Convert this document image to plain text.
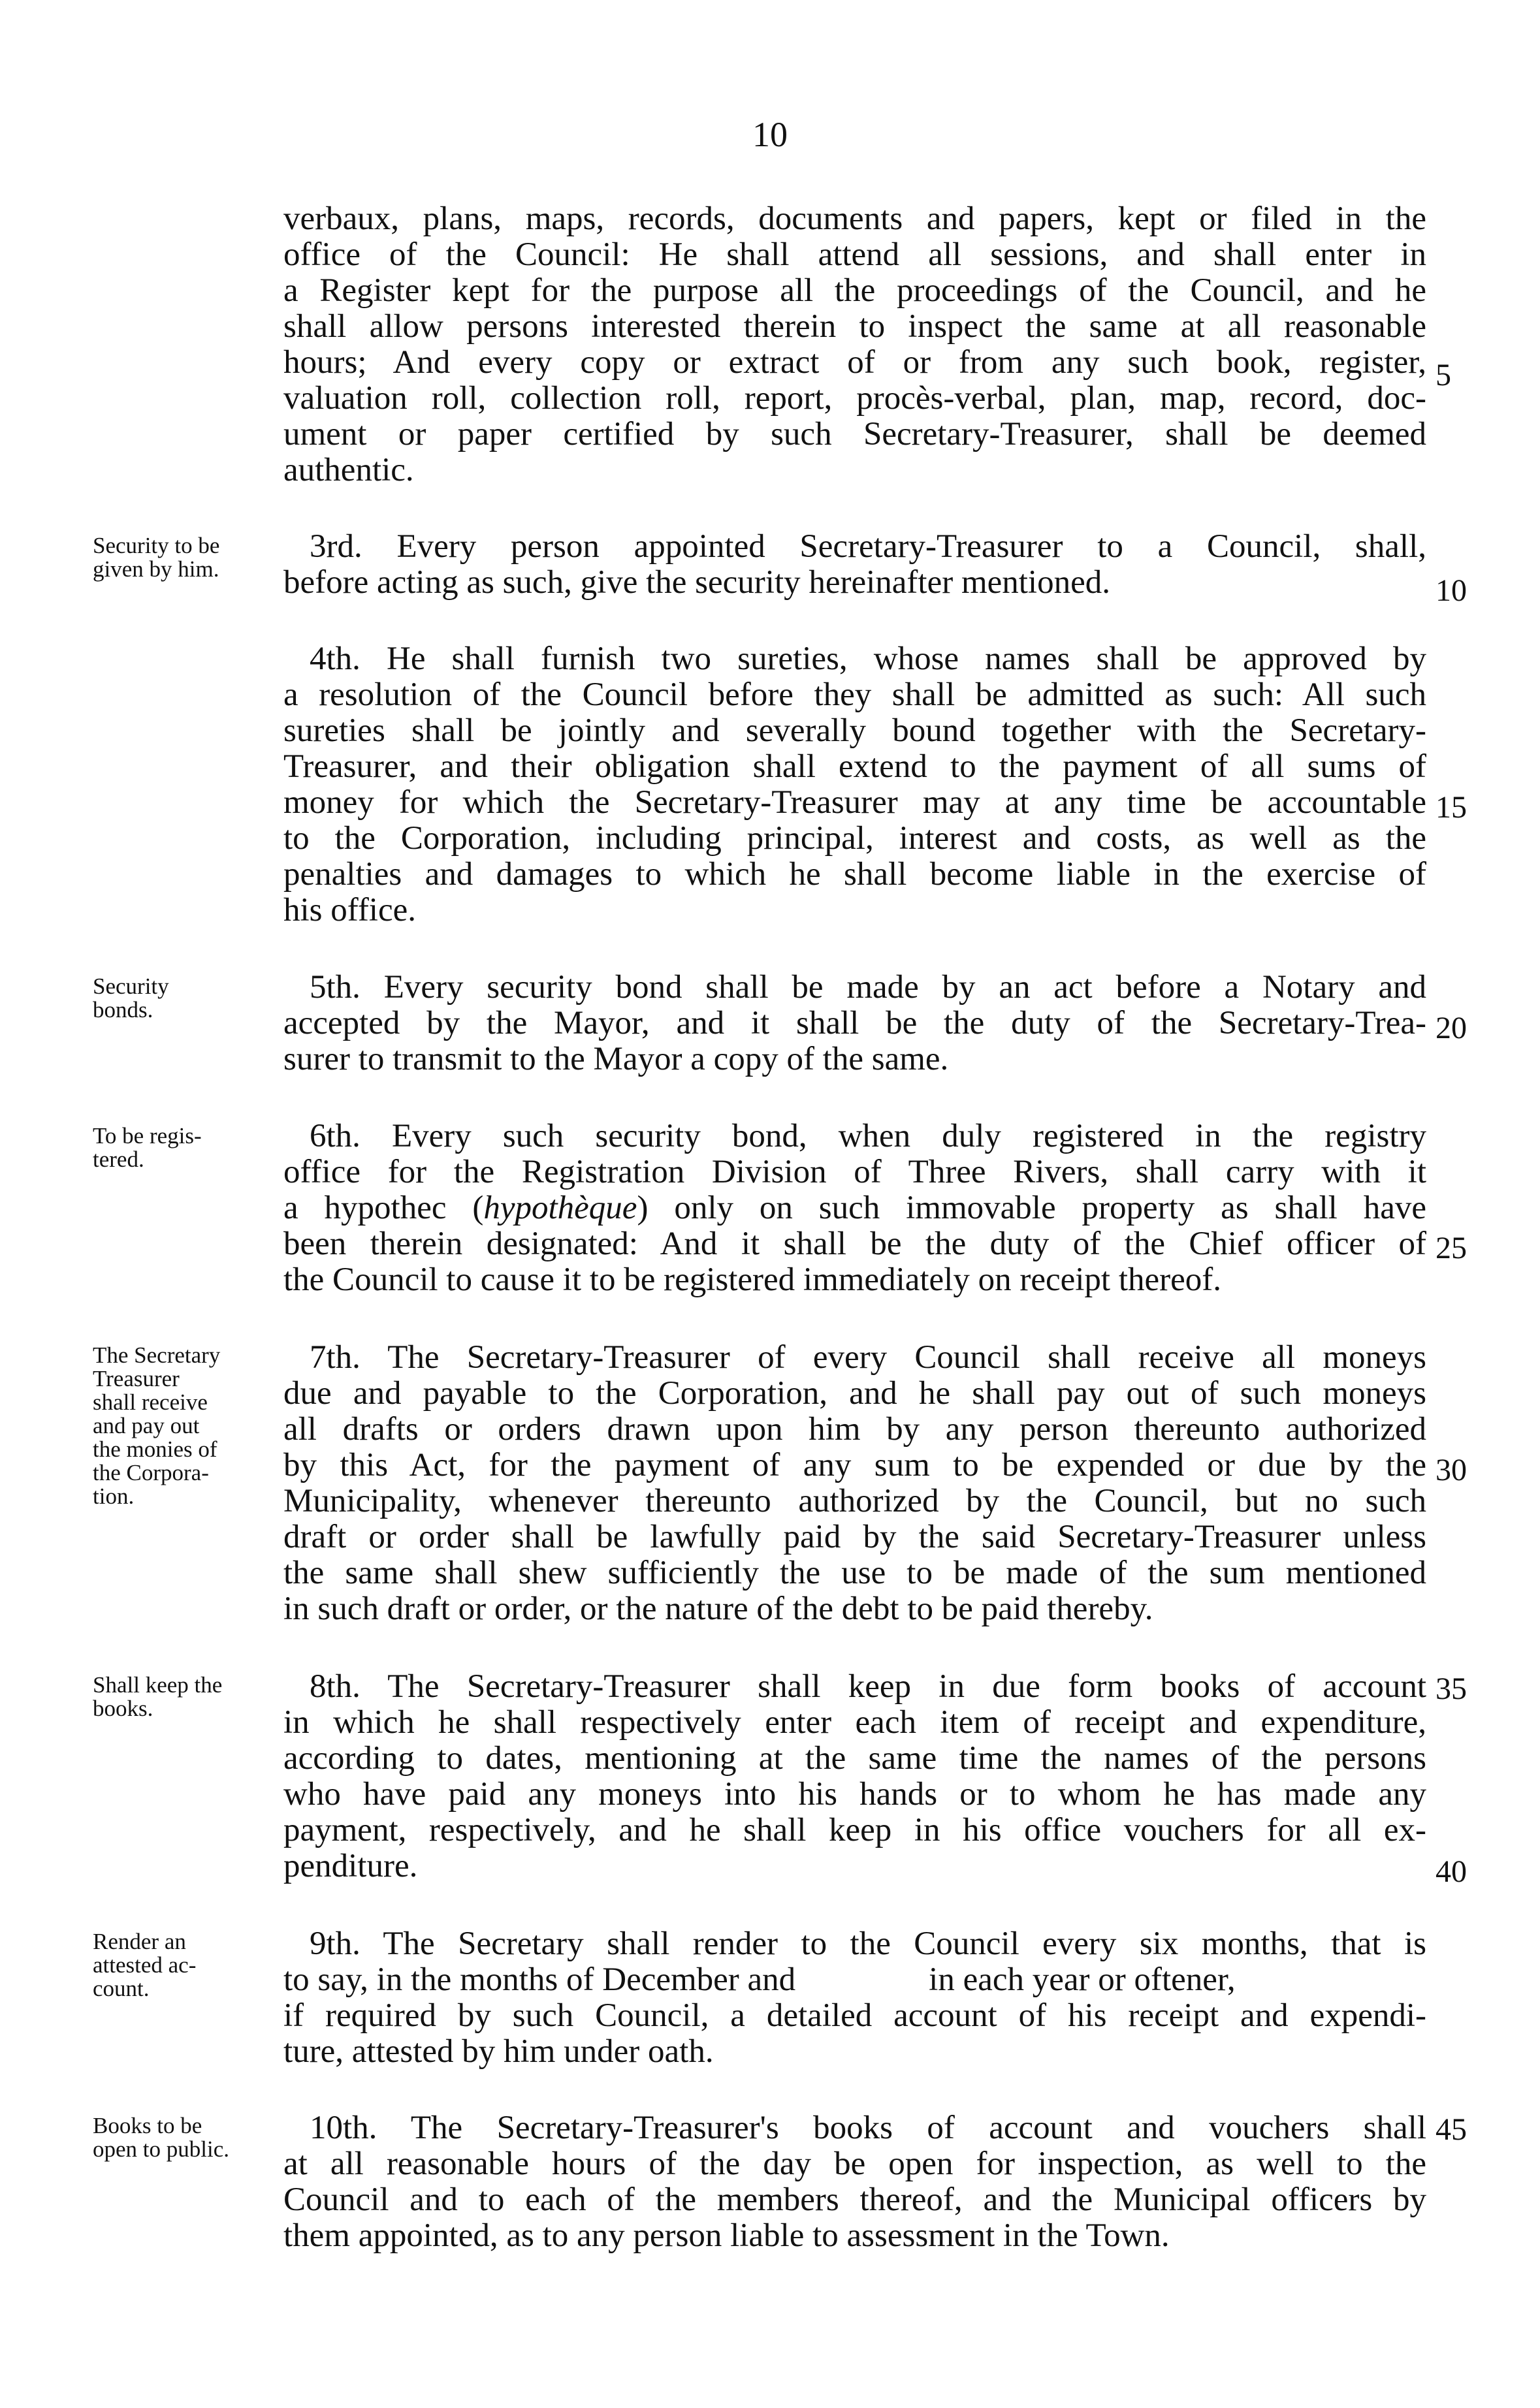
10
verbaux, plans, maps, records, documents and papers, kept or filed in the
office of the Council: He shall attend all sessions, and shall enter in
a Register kept for the purpose all the proceedings of the Council, and he
shall allow persons interested therein to inspect the same at all reasonable
hours; And every copy or extract of or from any such book, register,
valuation roll, collection roll, report, procès-verbal, plan, map, record, doc-
ument or paper certified by such Secretary-Treasurer, shall be deemed
authentic.
3rd. Every person appointed Secretary-Treasurer to a Council, shall,
before acting as such, give the security hereinafter mentioned.
4th. He shall furnish two sureties, whose names shall be approved by
a resolution of the Council before they shall be admitted as such: All such
sureties shall be jointly and severally bound together with the Secretary-
Treasurer, and their obligation shall extend to the payment of all sums of
money for which the Secretary-Treasurer may at any time be accountable
to the Corporation, including principal, interest and costs, as well as the
penalties and damages to which he shall become liable in the exercise of
his office.
5th. Every security bond shall be made by an act before a Notary and
accepted by the Mayor, and it shall be the duty of the Secretary-Trea-
surer to transmit to the Mayor a copy of the same.
6th. Every such security bond, when duly registered in the registry
office for the Registration Division of Three Rivers, shall carry with it
a hypothec (hypothèque) only on such immovable property as shall have
been therein designated: And it shall be the duty of the Chief officer of
the Council to cause it to be registered immediately on receipt thereof.
7th. The Secretary-Treasurer of every Council shall receive all moneys
due and payable to the Corporation, and he shall pay out of such moneys
all drafts or orders drawn upon him by any person thereunto authorized
by this Act, for the payment of any sum to be expended or due by the
Municipality, whenever thereunto authorized by the Council, but no such
draft or order shall be lawfully paid by the said Secretary-Treasurer unless
the same shall shew sufficiently the use to be made of the sum mentioned
in such draft or order, or the nature of the debt to be paid thereby.
8th. The Secretary-Treasurer shall keep in due form books of account
in which he shall respectively enter each item of receipt and expenditure,
according to dates, mentioning at the same time the names of the persons
who have paid any moneys into his hands or to whom he has made any
payment, respectively, and he shall keep in his office vouchers for all ex-
penditure.
9th. The Secretary shall render to the Council every six months, that is
to say, in the months of December and                in each year or oftener,
if required by such Council, a detailed account of his receipt and expendi-
ture, attested by him under oath.
10th. The Secretary-Treasurer's books of account and vouchers shall
at all reasonable hours of the day be open for inspection, as well to the
Council and to each of the members thereof, and the Municipal officers by
them appointed, as to any person liable to assessment in the Town.
Security to be
given by him.
Security
bonds.
To be regis-
tered.
The Secretary
Treasurer
shall receive
and pay out
the monies of
the Corpora-
tion.
Shall keep the
books.
Render an
attested ac-
count.
Books to be
open to public.
5
10
15
20
25
30
35
40
45
